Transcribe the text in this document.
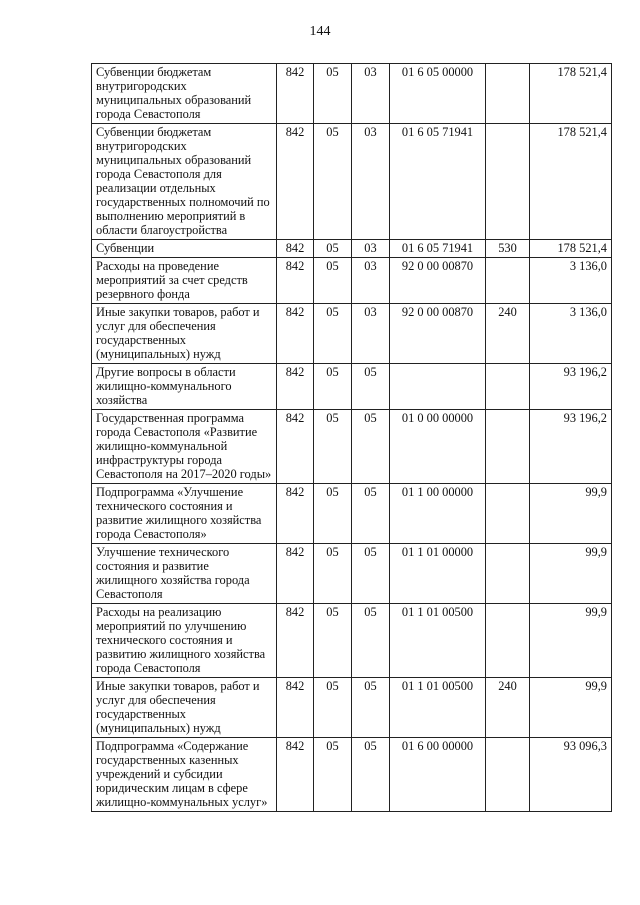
144
Субвенции бюджетам внутригородских муниципальных образований города Севастополя	842	05	03	01 6 05 00000		178 521,4
Субвенции бюджетам внутригородских муниципальных образований города Севастополя для реализации отдельных государственных полномочий по выполнению мероприятий в области благоустройства	842	05	03	01 6 05 71941		178 521,4
Субвенции	842	05	03	01 6 05 71941	530	178 521,4
Расходы на проведение мероприятий за счет средств резервного фонда	842	05	03	92 0 00 00870		3 136,0
Иные закупки товаров, работ и услуг для обеспечения государственных (муниципальных) нужд	842	05	03	92 0 00 00870	240	3 136,0
Другие вопросы в области жилищно-коммунального хозяйства	842	05	05			93 196,2
Государственная программа города Севастополя «Развитие жилищно-коммунальной инфраструктуры города Севастополя на 2017–2020 годы»	842	05	05	01 0 00 00000		93 196,2
Подпрограмма «Улучшение технического состояния и развитие жилищного хозяйства города Севастополя»	842	05	05	01 1 00 00000		99,9
Улучшение технического состояния и развитие жилищного хозяйства города Севастополя	842	05	05	01 1 01 00000		99,9
Расходы на реализацию мероприятий по улучшению технического состояния и развитию жилищного хозяйства города Севастополя	842	05	05	01 1 01 00500		99,9
Иные закупки товаров, работ и услуг для обеспечения государственных (муниципальных) нужд	842	05	05	01 1 01 00500	240	99,9
Подпрограмма «Содержание государственных казенных учреждений и субсидии юридическим лицам в сфере жилищно-коммунальных услуг»	842	05	05	01 6 00 00000		93 096,3
